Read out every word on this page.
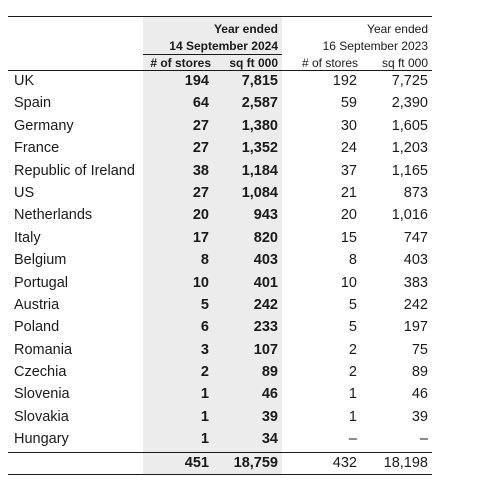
Year ended
14 September 2024
Year ended
16 September 2023
# of stores sq ft 000 # of stores sq ft 000
UK	194 7,815	192 7,725
Spain	64 2,587	59 2,390
Germany	27 1,380	30 1,605
France	27 1,352	24 1,203
Republic of Ireland	38 1,184	37 1,165
US	27 1,084	21	873
Netherlands	20	943	20 1,016
Italy	17	820	15	747
Belgium	8	403	8	403
Portugal	10	401	10	383
Austria	5	242	5	242
Poland	6	233	5	197
Romania	3	107	2	75
Czechia	2	89	2	89
Slovenia	1	46	1	46
Slovakia	1	39	1	39
Hungary	1	34	–	–
451 18,759	432 18,198
